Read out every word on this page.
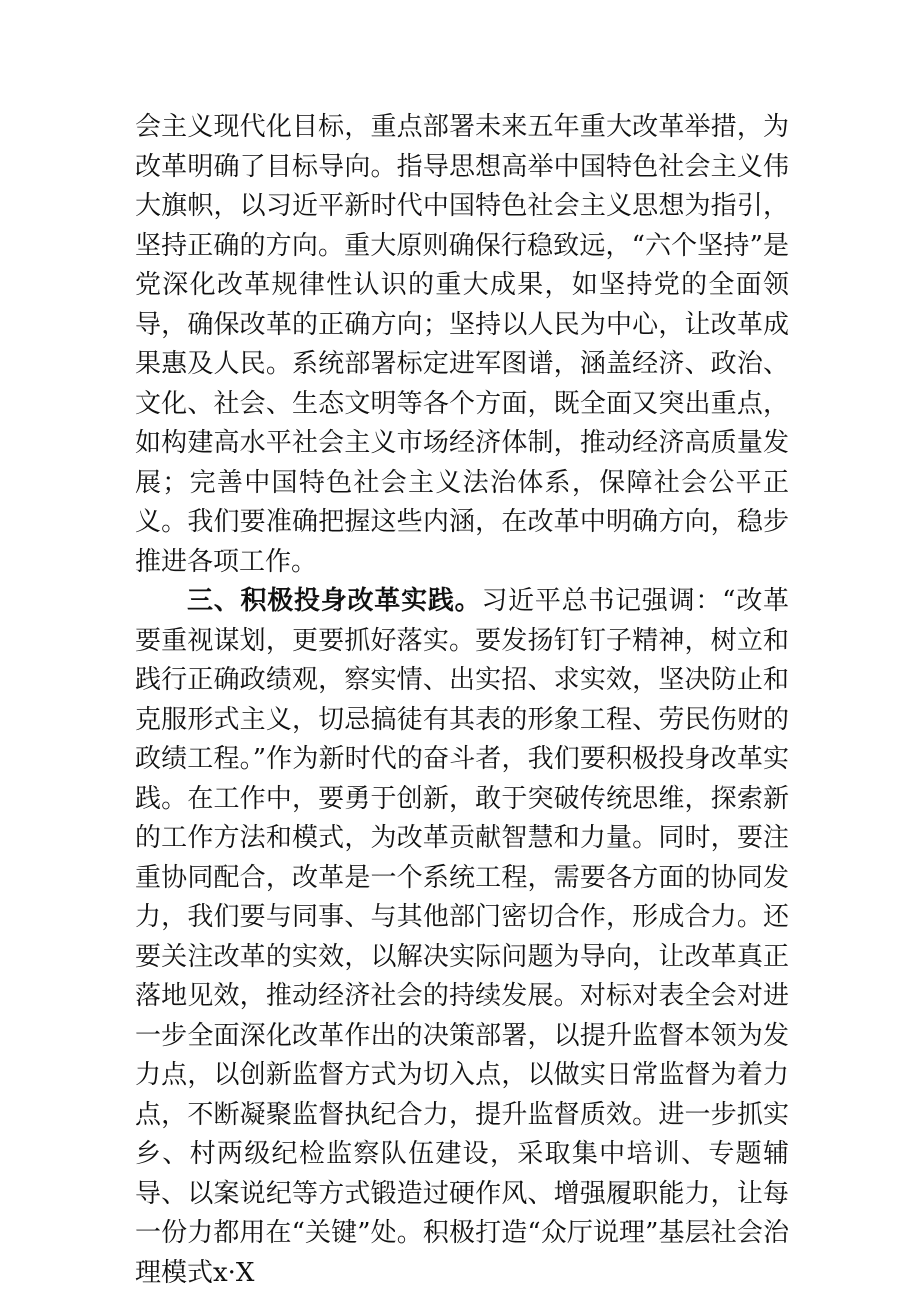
会主义现代化目标，重点部署未来五年重大改革举措，为改革明确了目标导向。指导思想高举中国特色社会主义伟大旗帜，以习近平新时代中国特色社会主义思想为指引，坚持正确的方向。重大原则确保行稳致远，“六个坚持”是党深化改革规律性认识的重大成果，如坚持党的全面领导，确保改革的正确方向；坚持以人民为中心，让改革成果惠及人民。系统部署标定进军图谱，涵盖经济、政治、文化、社会、生态文明等各个方面，既全面又突出重点，如构建高水平社会主义市场经济体制，推动经济高质量发展；完善中国特色社会主义法治体系，保障社会公平正义。我们要准确把握这些内涵，在改革中明确方向，稳步推进各项工作。

三、积极投身改革实践。习近平总书记强调：“改革要重视谋划，更要抓好落实。要发扬钉钉子精神，树立和践行正确政绩观，察实情、出实招、求实效，坚决防止和克服形式主义，切忌搞徒有其表的形象工程、劳民伤财的政绩工程。”作为新时代的奋斗者，我们要积极投身改革实践。在工作中，要勇于创新，敢于突破传统思维，探索新的工作方法和模式，为改革贡献智慧和力量。同时，要注重协同配合，改革是一个系统工程，需要各方面的协同发力，我们要与同事、与其他部门密切合作，形成合力。还要关注改革的实效，以解决实际问题为导向，让改革真正落地见效，推动经济社会的持续发展。对标对表全会对进一步全面深化改革作出的决策部署，以提升监督本领为发力点，以创新监督方式为切入点，以做实日常监督为着力点，不断凝聚监督执纪合力，提升监督质效。进一步抓实乡、村两级纪检监察队伍建设，采取集中培训、专题辅导、以案说纪等方式锻造过硬作风、增强履职能力，让每一份力都用在“关键”处。积极打造“众厅说理”基层社会治理模式x·X
